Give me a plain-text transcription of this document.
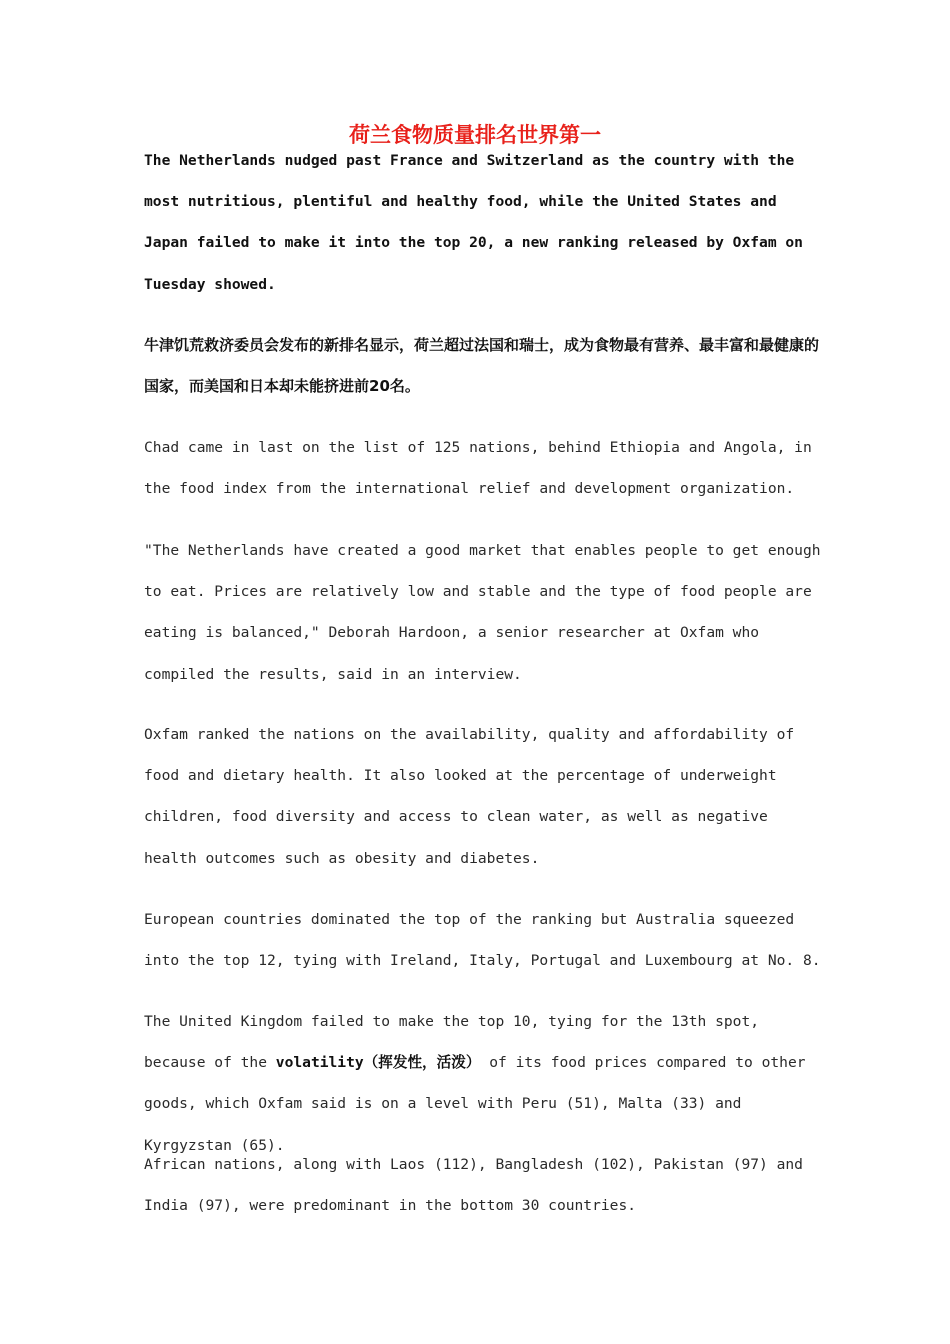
荷兰食物质量排名世界第一

The Netherlands nudged past France and Switzerland as the country with the most nutritious, plentiful and healthy food, while the United States and Japan failed to make it into the top 20, a new ranking released by Oxfam on Tuesday showed.

牛津饥荒救济委员会发布的新排名显示，荷兰超过法国和瑞士，成为食物最有营养、最丰富和最健康的国家，而美国和日本却未能挤进前20名。

Chad came in last on the list of 125 nations, behind Ethiopia and Angola, in the food index from the international relief and development organization.

"The Netherlands have created a good market that enables people to get enough to eat. Prices are relatively low and stable and the type of food people are eating is balanced," Deborah Hardoon, a senior researcher at Oxfam who compiled the results, said in an interview.

Oxfam ranked the nations on the availability, quality and affordability of food and dietary health. It also looked at the percentage of underweight children, food diversity and access to clean water, as well as negative health outcomes such as obesity and diabetes.

European countries dominated the top of the ranking but Australia squeezed into the top 12, tying with Ireland, Italy, Portugal and Luxembourg at No. 8.

The United Kingdom failed to make the top 10, tying for the 13th spot, because of the volatility（挥发性，活泼） of its food prices compared to other goods, which Oxfam said is on a level with Peru (51), Malta (33) and Kyrgyzstan (65).

African nations, along with Laos (112), Bangladesh (102), Pakistan (97) and India (97), were predominant in the bottom 30 countries.
